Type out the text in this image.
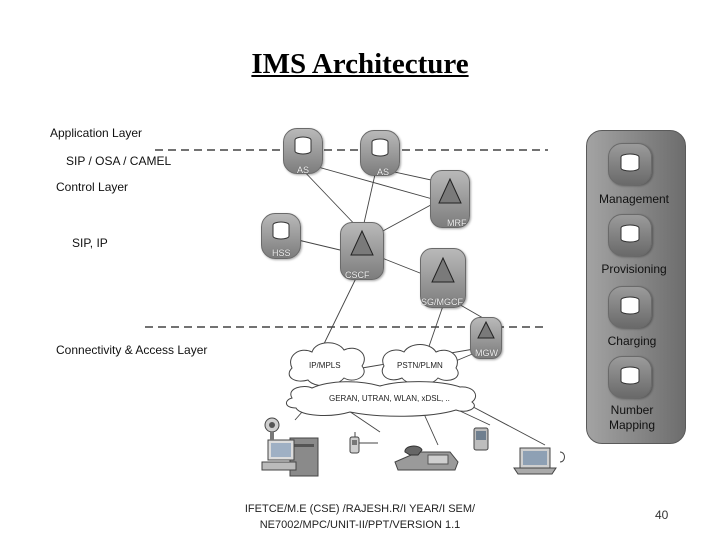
IMS Architecture
Application Layer
SIP / OSA / CAMEL
Control Layer
SIP, IP
Connectivity & Access Layer
AS	AS
MRF
HSS
CSCF
SG/MGCF
MGW
IP/MPLS	PSTN/PLMN
GERAN, UTRAN, WLAN, xDSL, ..
Management
Provisioning
Charging
Number
Mapping
IFETCE/M.E (CSE) /RAJESH.R/I YEAR/I SEM/
NE7002/MPC/UNIT-II/PPT/VERSION 1.1
40
